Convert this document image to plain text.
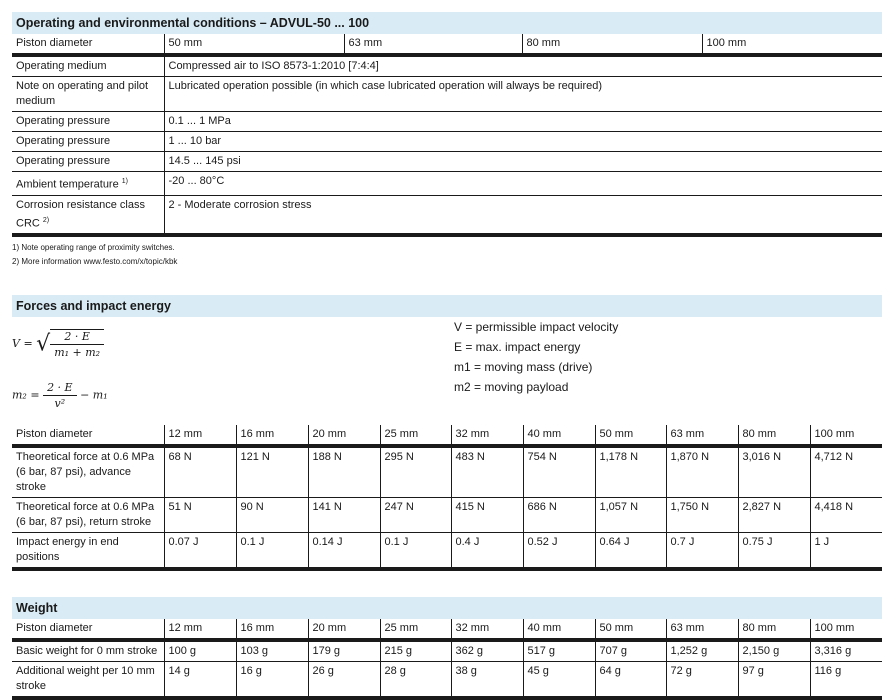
Operating and environmental conditions – ADVUL-50 ... 100
Piston diameter	50 mm	63 mm	80 mm	100 mm
Operating medium	Compressed air to ISO 8573-1:2010 [7:4:4]			
Note on operating and pilot medium	Lubricated operation possible (in which case lubricated operation will always be required)			
Operating pressure	0.1 ... 1 MPa			
Operating pressure	1 ... 10 bar			
Operating pressure	14.5 ... 145 psi			
Ambient temperature $^{1)}$	-20 ... 80°C			
Corrosion resistance class CRC $^{2)}$	2 - Moderate corrosion stress			
1) Note operating range of proximity switches.
2) More information www.festo.com/x/topic/kbk
Forces and impact energy
V = √ $\frac{2 \cdot E}{\text{m₁ + m₂}}$
$m_2 = \frac{2 \cdot E}{\text{v²}} - m_1$
V = permissible impact velocity
E = max. impact energy
m1 = moving mass (drive)
m2 = moving payload
Piston diameter	12 mm	16 mm	20 mm	25 mm	32 mm	40 mm	50 mm	63 mm	80 mm	100 mm
Theoretical force at 0.6 MPa (6 bar, 87 psi), advance stroke	68 N	121 N	188 N	295 N	483 N	754 N	1,178 N	1,870 N	3,016 N	4,712 N
Theoretical force at 0.6 MPa (6 bar, 87 psi), return stroke	51 N	90 N	141 N	247 N	415 N	686 N	1,057 N	1,750 N	2,827 N	4,418 N
Impact energy in end positions	0.07 J	0.1 J	0.14 J	0.1 J	0.4 J	0.52 J	0.64 J	0.7 J	0.75 J	1 J
Weight
Piston diameter	12 mm	16 mm	20 mm	25 mm	32 mm	40 mm	50 mm	63 mm	80 mm	100 mm
Basic weight for 0 mm stroke	100 g	103 g	179 g	215 g	362 g	517 g	707 g	1,252 g	2,150 g	3,316 g
Additional weight per 10 mm stroke	14 g	16 g	26 g	28 g	38 g	45 g	64 g	72 g	97 g	116 g
